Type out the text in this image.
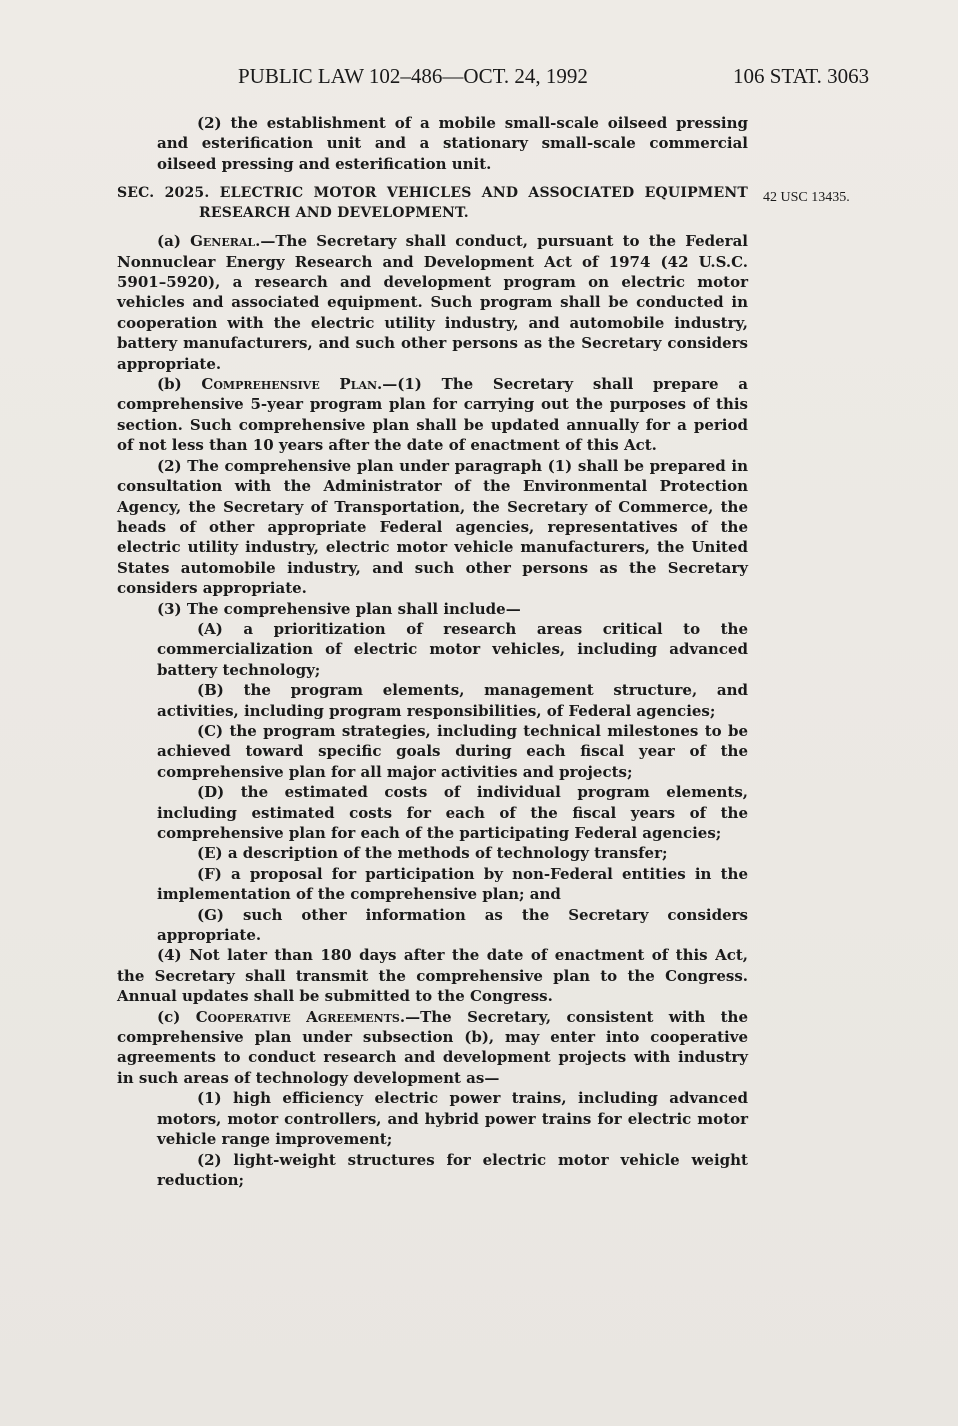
PUBLIC LAW 102–486—OCT. 24, 1992	106 STAT. 3063
42 USC 13435.

(2) the establishment of a mobile small-scale oilseed pressing and esterification unit and a stationary small-scale commercial oilseed pressing and esterification unit.

SEC. 2025. ELECTRIC MOTOR VEHICLES AND ASSOCIATED EQUIPMENT RESEARCH AND DEVELOPMENT.

(a) General.—The Secretary shall conduct, pursuant to the Federal Nonnuclear Energy Research and Development Act of 1974 (42 U.S.C. 5901–5920), a research and development program on electric motor vehicles and associated equipment. Such program shall be conducted in cooperation with the electric utility industry, and automobile industry, battery manufacturers, and such other persons as the Secretary considers appropriate.

(b) Comprehensive Plan.—(1) The Secretary shall prepare a comprehensive 5-year program plan for carrying out the purposes of this section. Such comprehensive plan shall be updated annually for a period of not less than 10 years after the date of enactment of this Act.

(2) The comprehensive plan under paragraph (1) shall be prepared in consultation with the Administrator of the Environmental Protection Agency, the Secretary of Transportation, the Secretary of Commerce, the heads of other appropriate Federal agencies, representatives of the electric utility industry, electric motor vehicle manufacturers, the United States automobile industry, and such other persons as the Secretary considers appropriate.

(3) The comprehensive plan shall include—

(A) a prioritization of research areas critical to the commercialization of electric motor vehicles, including advanced battery technology;

(B) the program elements, management structure, and activities, including program responsibilities, of Federal agencies;

(C) the program strategies, including technical milestones to be achieved toward specific goals during each fiscal year of the comprehensive plan for all major activities and projects;

(D) the estimated costs of individual program elements, including estimated costs for each of the fiscal years of the comprehensive plan for each of the participating Federal agencies;

(E) a description of the methods of technology transfer;

(F) a proposal for participation by non-Federal entities in the implementation of the comprehensive plan; and

(G) such other information as the Secretary considers appropriate.

(4) Not later than 180 days after the date of enactment of this Act, the Secretary shall transmit the comprehensive plan to the Congress. Annual updates shall be submitted to the Congress.

(c) Cooperative Agreements.—The Secretary, consistent with the comprehensive plan under subsection (b), may enter into cooperative agreements to conduct research and development projects with industry in such areas of technology development as—

(1) high efficiency electric power trains, including advanced motors, motor controllers, and hybrid power trains for electric motor vehicle range improvement;

(2) light-weight structures for electric motor vehicle weight reduction;
